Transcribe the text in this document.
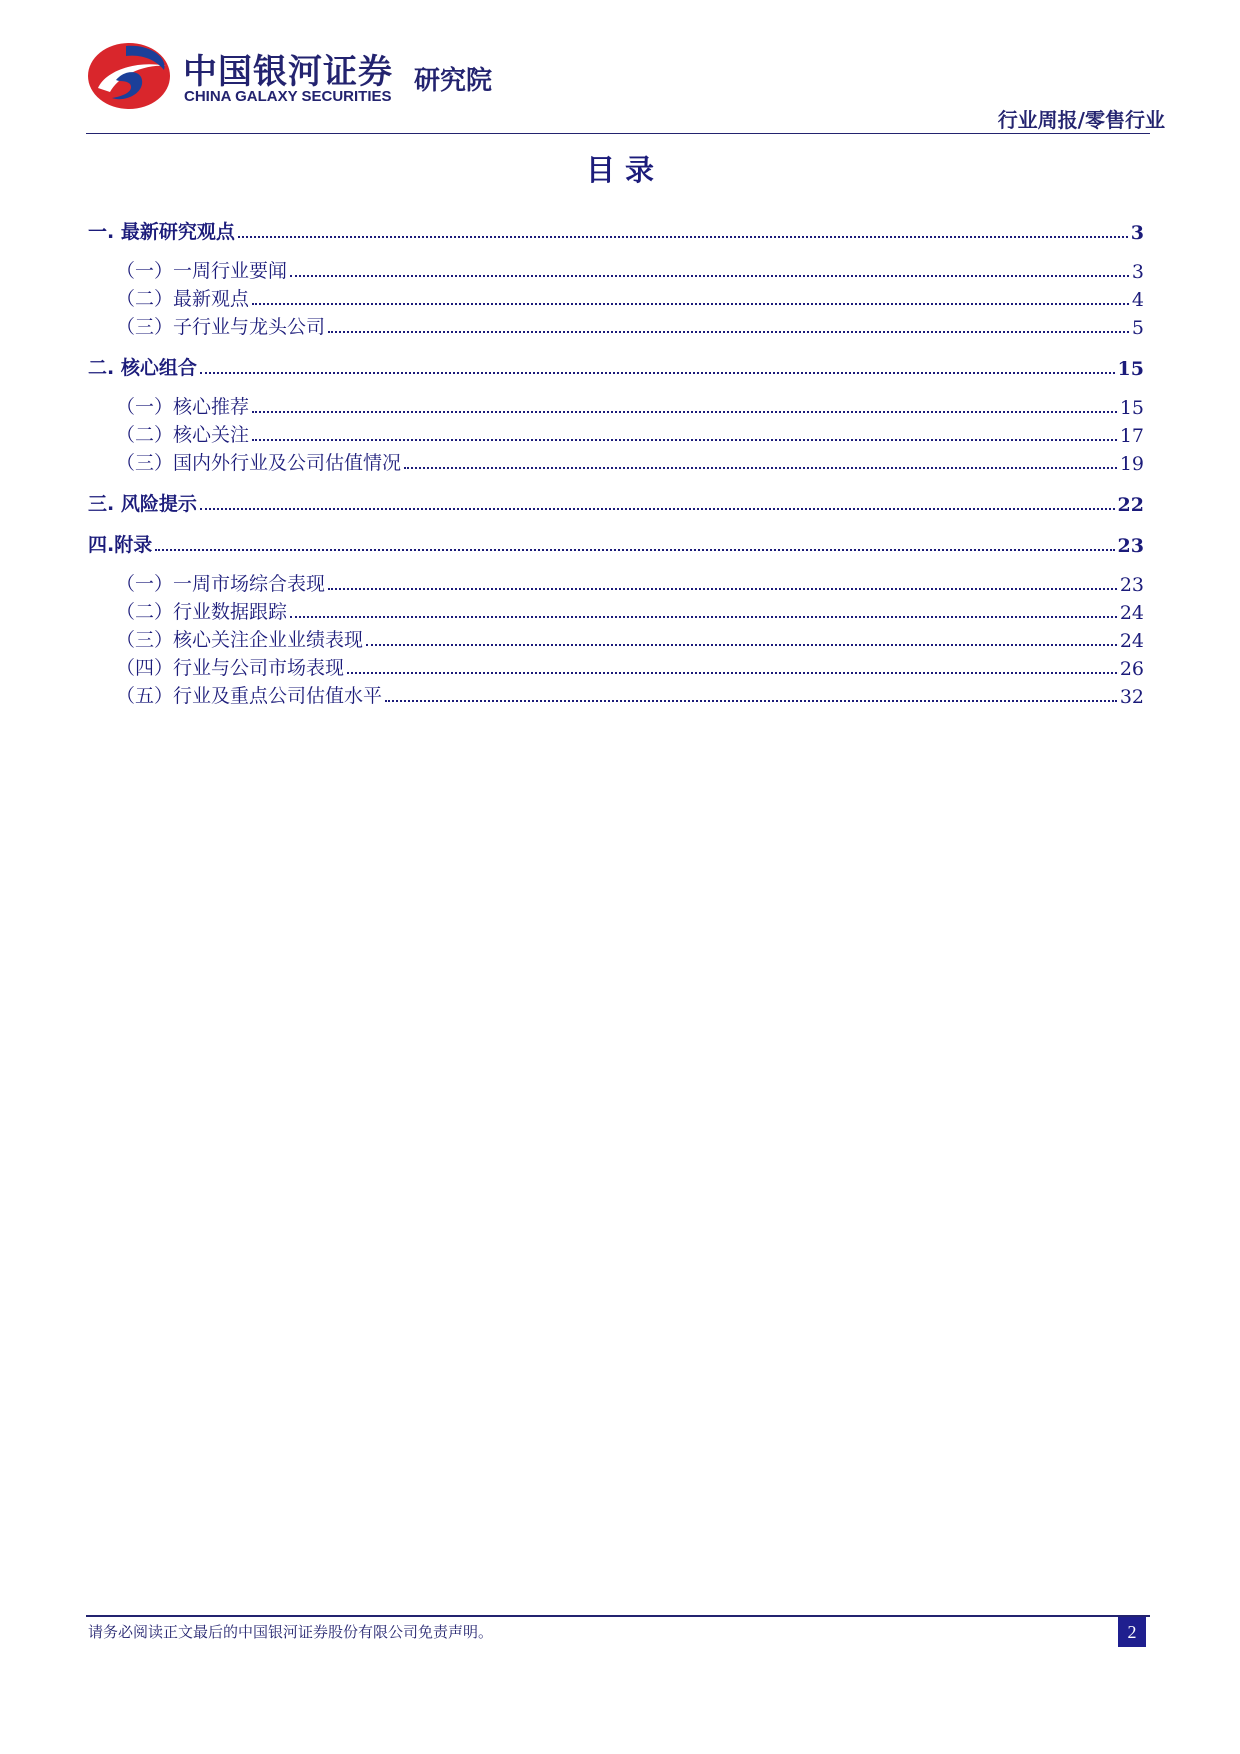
中国银河证券
CHINA GALAXY SECURITIES
研究院
行业周报/零售行业
目 录
一. 最新研究观点	3
（一）一周行业要闻	3
（二）最新观点	4
（三）子行业与龙头公司	5
二. 核心组合	15
（一）核心推荐	15
（二）核心关注	17
（三）国内外行业及公司估值情况	19
三. 风险提示	22
四.附录	23
（一）一周市场综合表现	23
（二）行业数据跟踪	24
（三）核心关注企业业绩表现	24
（四）行业与公司市场表现	26
（五）行业及重点公司估值水平	32
请务必阅读正文最后的中国银河证券股份有限公司免责声明。	2
